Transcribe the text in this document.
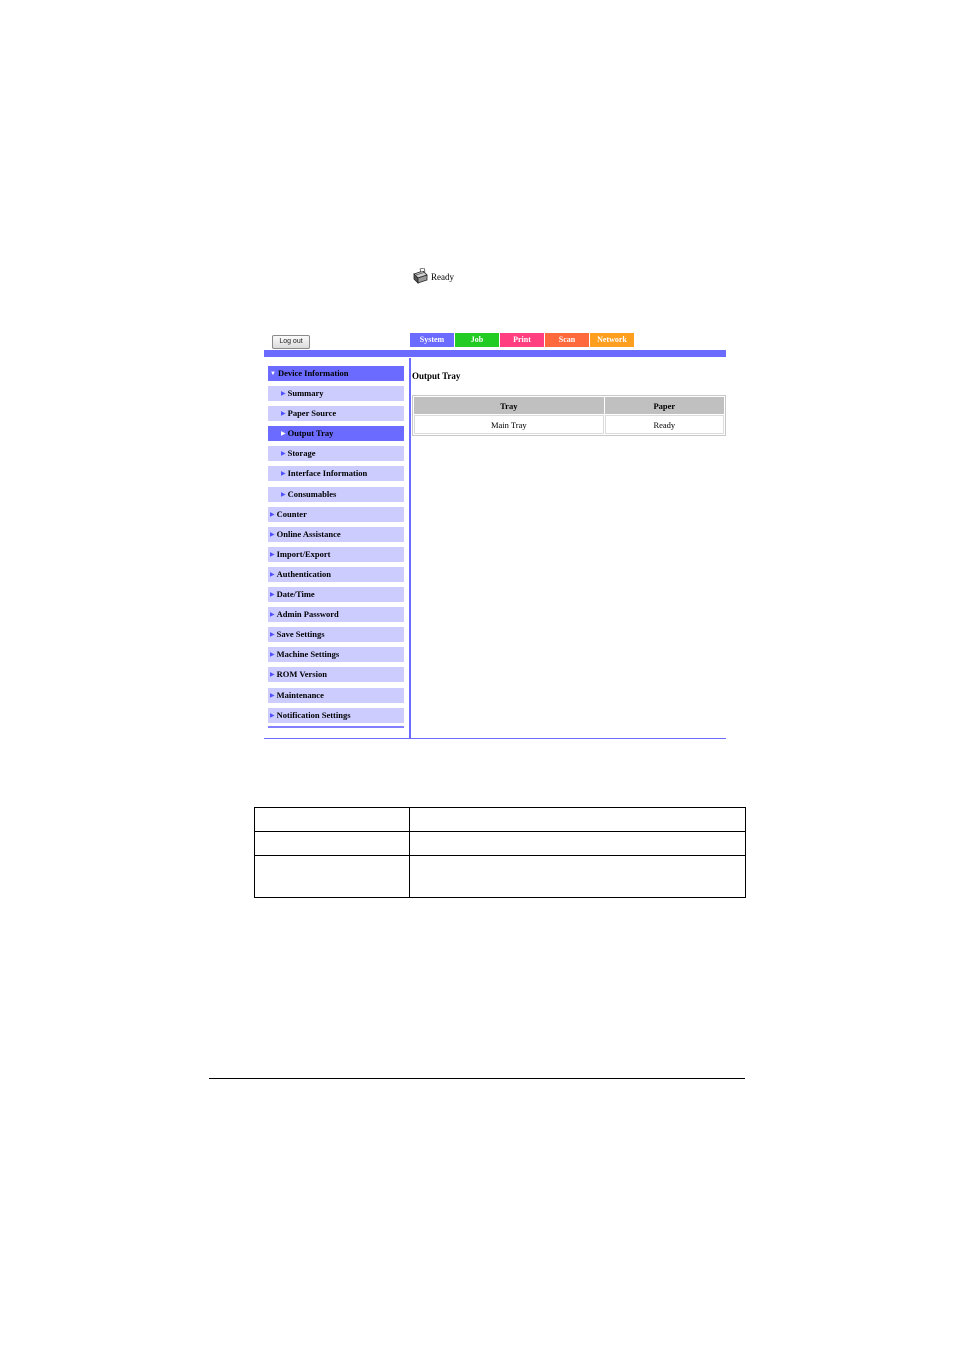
Ready
Log out	System	Job	Print	Scan	Network
▼ Device Information
▶ Summary
▶ Paper Source
▶ Output Tray
▶ Storage
▶ Interface Information
▶ Consumables
▶ Counter
▶ Online Assistance
▶ Import/Export
▶ Authentication
▶ Date/Time
▶ Admin Password
▶ Save Settings
▶ Machine Settings
▶ ROM Version
▶ Maintenance
▶ Notification Settings
Output Tray
Tray	Paper
Main Tray	Ready
